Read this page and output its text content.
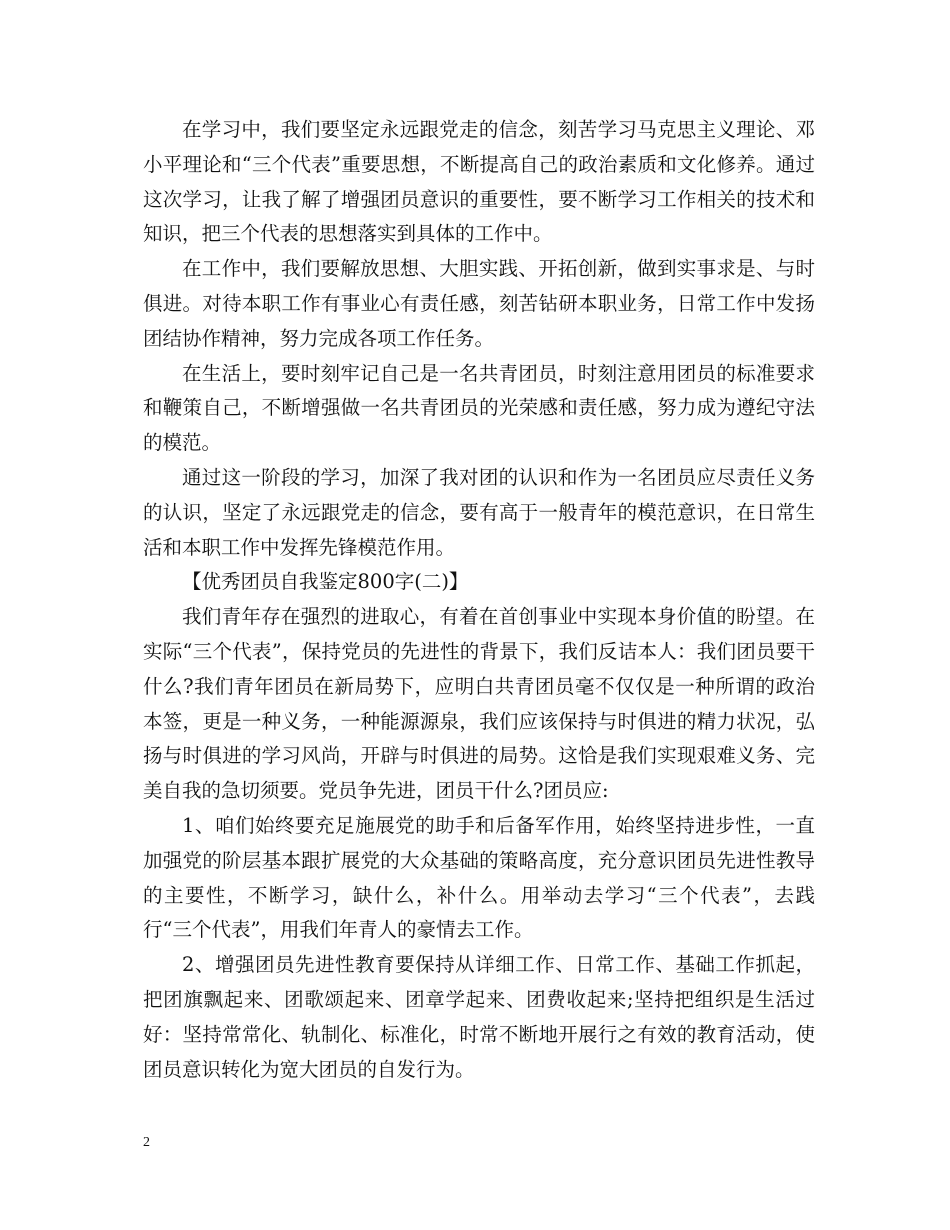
在学习中，我们要坚定永远跟党走的信念，刻苦学习马克思主义理论、邓小平理论和“三个代表”重要思想，不断提高自己的政治素质和文化修养。通过这次学习，让我了解了增强团员意识的重要性，要不断学习工作相关的技术和知识，把三个代表的思想落实到具体的工作中。

在工作中，我们要解放思想、大胆实践、开拓创新，做到实事求是、与时俱进。对待本职工作有事业心有责任感，刻苦钻研本职业务，日常工作中发扬团结协作精神，努力完成各项工作任务。

在生活上，要时刻牢记自己是一名共青团员，时刻注意用团员的标准要求和鞭策自己，不断增强做一名共青团员的光荣感和责任感，努力成为遵纪守法的模范。

通过这一阶段的学习，加深了我对团的认识和作为一名团员应尽责任义务的认识，坚定了永远跟党走的信念，要有高于一般青年的模范意识，在日常生活和本职工作中发挥先锋模范作用。

【优秀团员自我鉴定800字(二)】

我们青年存在强烈的进取心，有着在首创事业中实现本身价值的盼望。在实际“三个代表”，保持党员的先进性的背景下，我们反诘本人：我们团员要干什么?我们青年团员在新局势下，应明白共青团员毫不仅仅是一种所谓的政治本签，更是一种义务，一种能源源泉，我们应该保持与时俱进的精力状况，弘扬与时俱进的学习风尚，开辟与时俱进的局势。这恰是我们实现艰难义务、完美自我的急切须要。党员争先进，团员干什么?团员应:

1、咱们始终要充足施展党的助手和后备军作用，始终坚持进步性，一直加强党的阶层基本跟扩展党的大众基础的策略高度，充分意识团员先进性教导的主要性，不断学习，缺什么，补什么。用举动去学习“三个代表”，去践行“三个代表”，用我们年青人的豪情去工作。

2、增强团员先进性教育要保持从详细工作、日常工作、基础工作抓起，把团旗飘起来、团歌颂起来、团章学起来、团费收起来;坚持把组织是生活过好：坚持常常化、轨制化、标准化，时常不断地开展行之有效的教育活动，使团员意识转化为宽大团员的自发行为。

2
